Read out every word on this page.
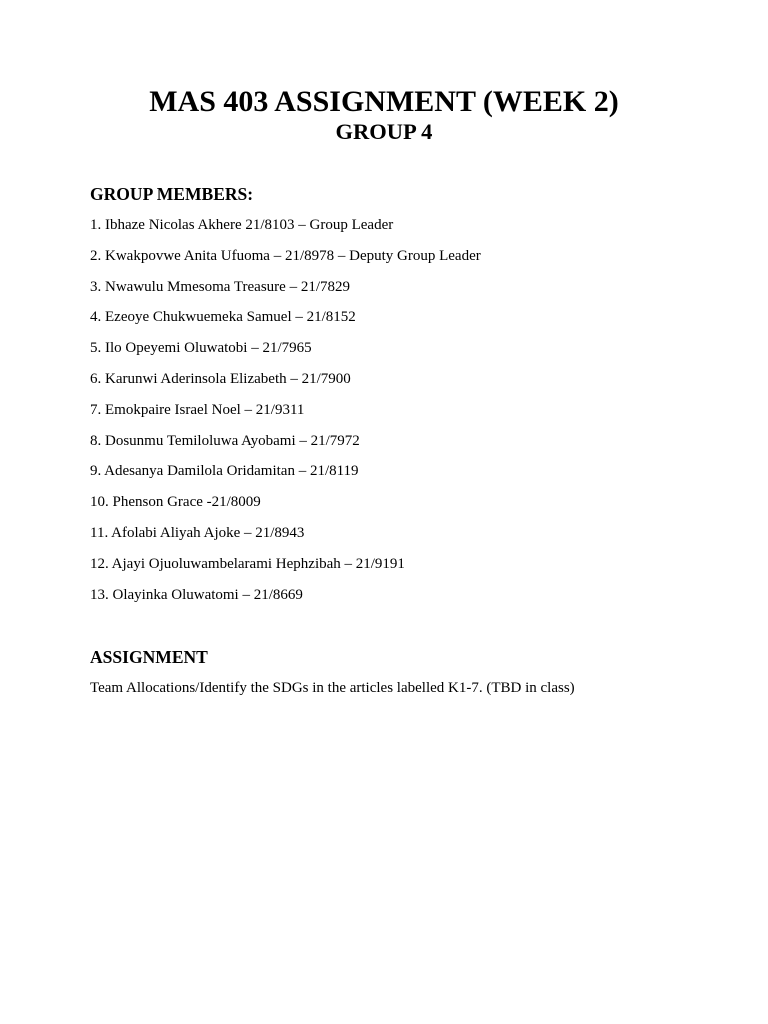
MAS 403 ASSIGNMENT (WEEK 2)
GROUP 4
GROUP MEMBERS:
1. Ibhaze Nicolas Akhere 21/8103 – Group Leader
2. Kwakpovwe Anita Ufuoma – 21/8978 – Deputy Group Leader
3. Nwawulu Mmesoma Treasure – 21/7829
4. Ezeoye Chukwuemeka Samuel – 21/8152
5. Ilo Opeyemi Oluwatobi – 21/7965
6. Karunwi Aderinsola Elizabeth – 21/7900
7. Emokpaire Israel Noel – 21/9311
8. Dosunmu Temiloluwa Ayobami – 21/7972
9. Adesanya Damilola Oridamitan – 21/8119
10. Phenson Grace -21/8009
11. Afolabi Aliyah Ajoke – 21/8943
12. Ajayi Ojuoluwambelarami Hephzibah – 21/9191
13. Olayinka Oluwatomi – 21/8669
ASSIGNMENT

Team Allocations/Identify the SDGs in the articles labelled K1-7. (TBD in class)
